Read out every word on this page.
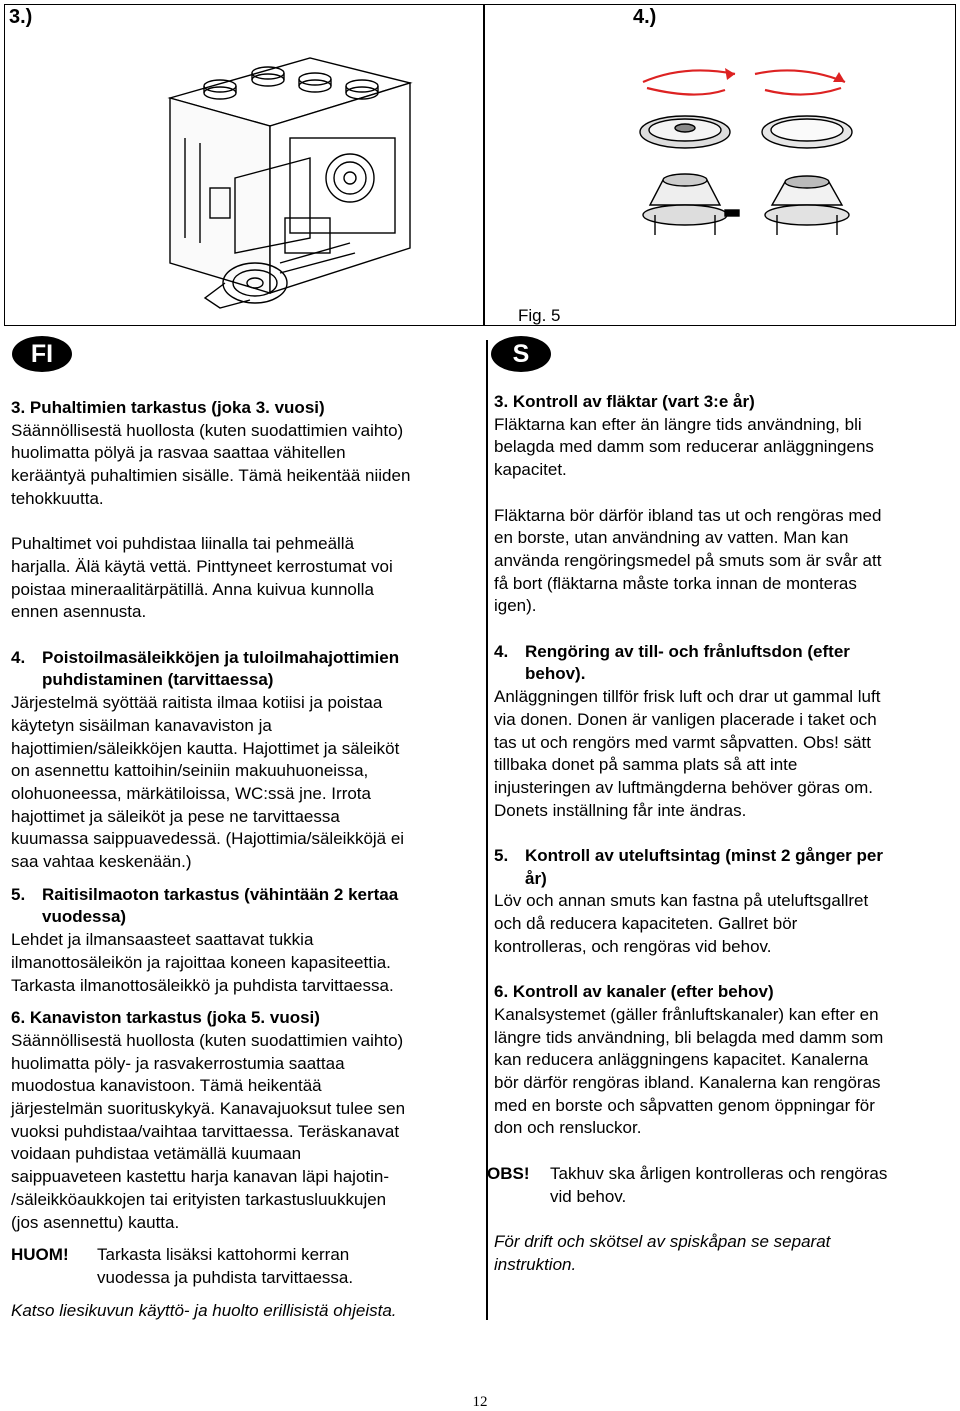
3.)	4.)
Fig. 5
FI	S

3. Puhaltimien tarkastus (joka 3. vuosi)

Säännöllisestä huollosta (kuten suodattimien vaihto)

huolimatta pölyä ja rasvaa saattaa vähitellen

kerääntyä puhaltimien sisälle. Tämä heikentää niiden

tehokkuutta.

Puhaltimet voi puhdistaa liinalla tai pehmeällä

harjalla. Älä käytä vettä. Pinttyneet kerrostumat voi

poistaa mineraalitärpätillä. Anna kuivua kunnolla

ennen asennusta.

4. Poistoilmasäleikköjen ja tuloilmahajottimien
puhdistaminen (tarvittaessa)

Järjestelmä syöttää raitista ilmaa kotiisi ja poistaa

käytetyn sisäilman kanavaviston ja

hajottimien/säleikköjen kautta. Hajottimet ja säleiköt

on asennettu kattoihin/seiniin makuuhuoneissa,

olohuoneessa, märkätiloissa, WC:ssä jne. Irrota

hajottimet ja säleiköt ja pese ne tarvittaessa

kuumassa saippuavedessä. (Hajottimia/säleikköjä ei

saa vahtaa keskenään.)

5. Raitisilmaoton tarkastus (vähintään 2 kertaa
vuodessa)

Lehdet ja ilmansaasteet saattavat tukkia

ilmanottosäleikön ja rajoittaa koneen kapasiteettia.

Tarkasta ilmanottosäleikkö ja puhdista tarvittaessa.

6. Kanaviston tarkastus (joka 5. vuosi)

Säännöllisestä huollosta (kuten suodattimien vaihto)

huolimatta pöly- ja rasvakerrostumia saattaa

muodostua kanavistoon. Tämä heikentää

järjestelmän suorituskykyä. Kanavajuoksut tulee sen

vuoksi puhdistaa/vaihtaa tarvittaessa. Teräskanavat

voidaan puhdistaa vetämällä kuumaan

saippuaveteen kastettu harja kanavan läpi hajotin-

/säleikköaukkojen tai erityisten tarkastusluukkujen

(jos asennettu) kautta.

HUOM!	Tarkasta lisäksi kattohormi kerran
vuodessa ja puhdista tarvittaessa.

Katso liesikuvun käyttö- ja huolto erillisistä ohjeista.

3. Kontroll av fläktar (vart 3:e år)

Fläktarna kan efter än längre tids användning, bli

belagda med damm som reducerar anläggningens

kapacitet.

Fläktarna bör därför ibland tas ut och rengöras med

en borste, utan användning av vatten. Man kan

använda rengöringsmedel på smuts som är svår att

få bort (fläktarna måste torka innan de monteras

igen).

4. Rengöring av till- och frånluftsdon (efter
behov).

Anläggningen tillför frisk luft och drar ut gammal luft

via donen. Donen är vanligen placerade i taket och

tas ut och rengörs med varmt såpvatten. Obs! sätt

tillbaka donet på samma plats så att inte

injusteringen av luftmängderna behöver göras om.

Donets inställning får inte ändras.

5. Kontroll av uteluftsintag (minst 2 gånger per
år)

Löv och annan smuts kan fastna på uteluftsgallret

och då reducera kapaciteten. Gallret bör

kontrolleras, och rengöras vid behov.

6. Kontroll av kanaler (efter behov)

Kanalsystemet (gäller frånluftskanaler) kan efter en

längre tids användning, bli belagda med damm som

kan reducera anläggningens kapacitet. Kanalerna

bör därför rengöras ibland. Kanalerna kan rengöras

med en borste och såpvatten genom öppningar för

don och rensluckor.

OBS!	Takhuv ska årligen kontrolleras och rengöras
vid behov.

För drift och skötsel av spiskåpan se separat

instruktion.

12
